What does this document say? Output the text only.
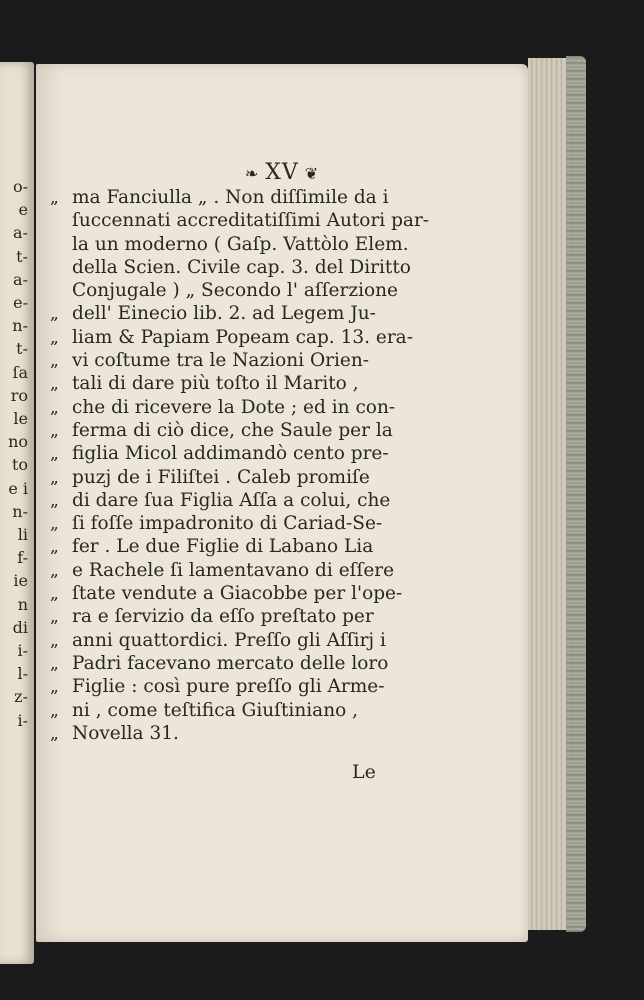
o-
e
a-
t-
a-
e-
n-
t-
ſa
ro
le
no
to
e i
n-
li
f-
ie
n
di
i-
l-
z-
i-
❧ XV ❦
„ ma Fanciulla „ . Non diſſimile da i
ſuccennati accreditatiſſimi Autori par-
la un moderno ( Gaſp. Vattòlo Elem.
della Scien. Civile cap. 3. del Diritto
Conjugale ) „ Secondo l' aſſerzione
„ dell' Einecio lib. 2. ad Legem Ju-
„ liam & Papiam Popeam cap. 13. era-
„ vi coſtume tra le Nazioni Orien-
„ tali di dare più toſto il Marito ,
„ che di ricevere la Dote ; ed in con-
„ ferma di ciò dice, che Saule per la
„ figlia Micol addimandò cento pre-
„ puzj de i Filiſtei . Caleb promiſe
„ di dare ſua Figlia Aſſa a colui, che
„ ſi foſſe impadronito di Cariad-Se-
„ fer . Le due Figlie di Labano Lia
„ e Rachele ſi lamentavano di eſſere
„ ſtate vendute a Giacobbe per l'ope-
„ ra e ſervizio da eſſo preſtato per
„ anni quattordici. Preſſo gli Aſſirj i
„ Padri facevano mercato delle loro
„ Figlie : così pure preſſo gli Arme-
„ ni , come teſtifica Giuſtiniano ,
„ Novella 31.
Le
